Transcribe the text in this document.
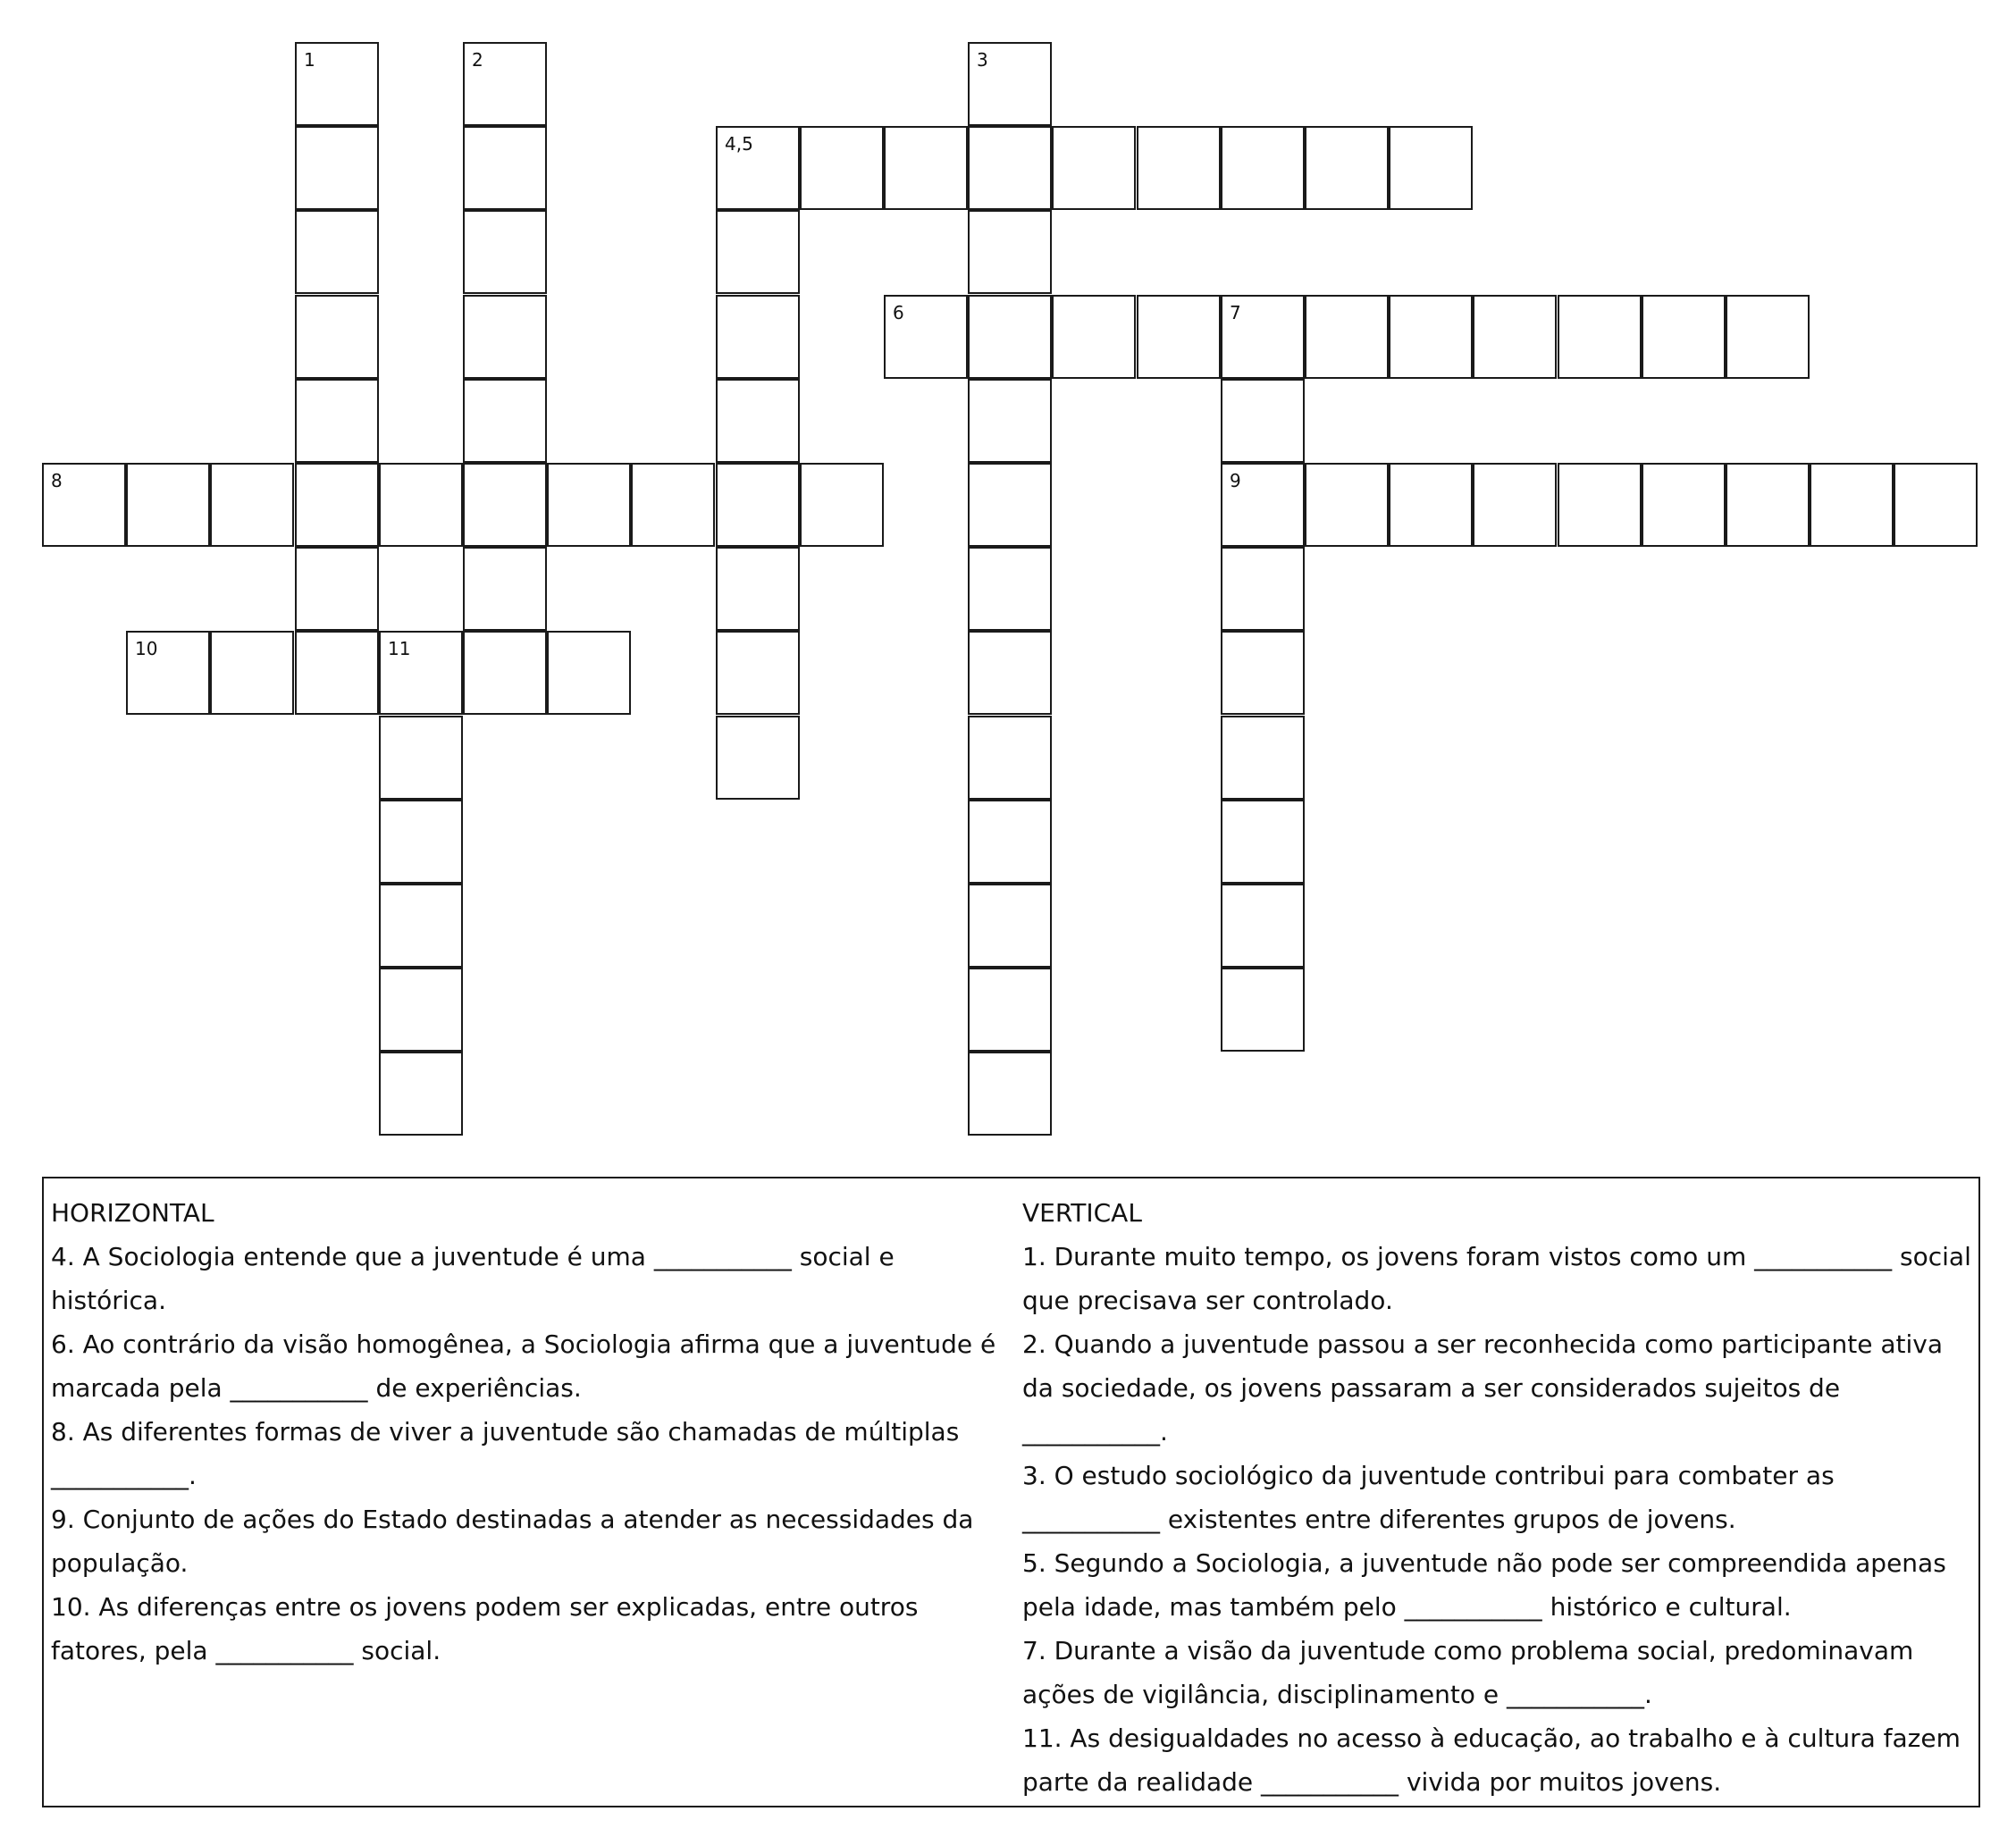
1	2	3
4,5
6	7
9
8
10	11

HORIZONTAL

4. A Sociologia entende que a juventude é uma ___________ social e histórica.

6. Ao contrário da visão homogênea, a Sociologia afirma que a juventude é marcada pela ___________ de experiências.

8. As diferentes formas de viver a juventude são chamadas de múltiplas ___________.

9. Conjunto de ações do Estado destinadas a atender as necessidades da população.

10. As diferenças entre os jovens podem ser explicadas, entre outros fatores, pela ___________ social.

VERTICAL

1. Durante muito tempo, os jovens foram vistos como um ___________ social que precisava ser controlado.

2. Quando a juventude passou a ser reconhecida como participante ativa da sociedade, os jovens passaram a ser considerados sujeitos de ___________.

3. O estudo sociológico da juventude contribui para combater as ___________ existentes entre diferentes grupos de jovens.

5. Segundo a Sociologia, a juventude não pode ser compreendida apenas pela idade, mas também pelo ___________ histórico e cultural.

7. Durante a visão da juventude como problema social, predominavam ações de vigilância, disciplinamento e ___________.

11. As desigualdades no acesso à educação, ao trabalho e à cultura fazem parte da realidade ___________ vivida por muitos jovens.
